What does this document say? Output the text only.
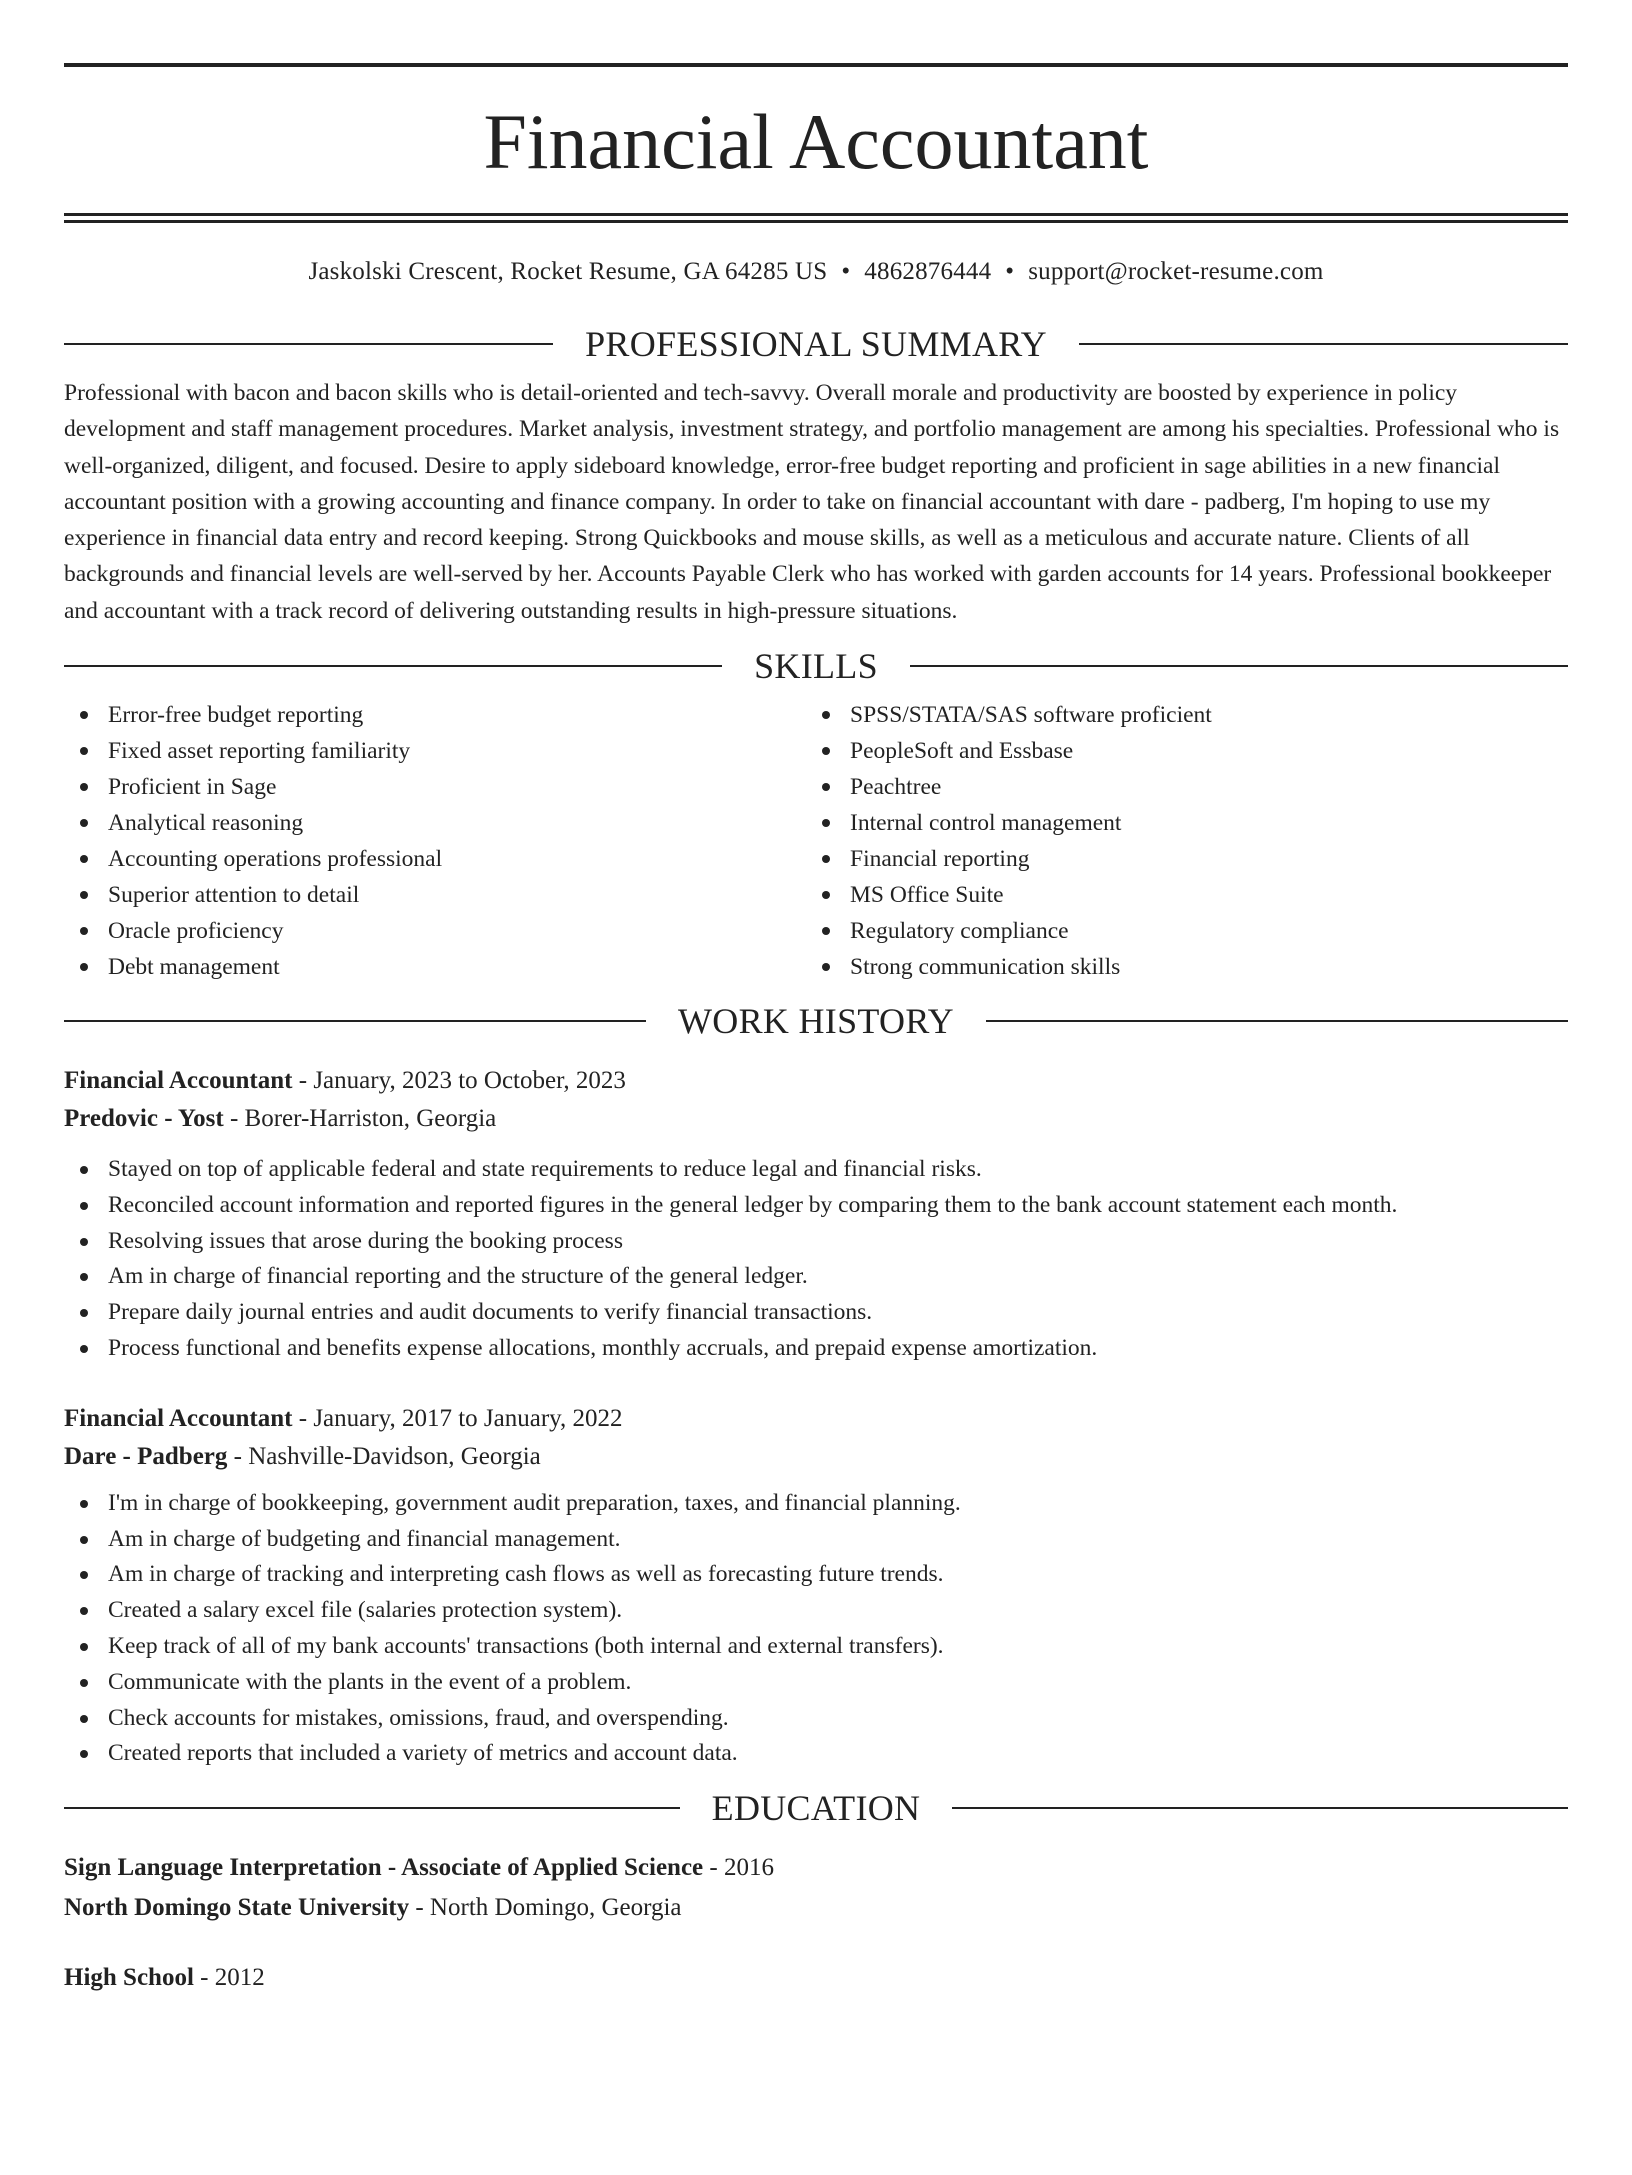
Financial Accountant
Jaskolski Crescent, Rocket Resume, GA 64285 US • 4862876444 • support@rocket-resume.com
PROFESSIONAL SUMMARY
Professional with bacon and bacon skills who is detail-oriented and tech-savvy. Overall morale and productivity are boosted by experience in policy development and staff management procedures. Market analysis, investment strategy, and portfolio management are among his specialties. Professional who is well-organized, diligent, and focused. Desire to apply sideboard knowledge, error-free budget reporting and proficient in sage abilities in a new financial accountant position with a growing accounting and finance company. In order to take on financial accountant with dare - padberg, I'm hoping to use my experience in financial data entry and record keeping. Strong Quickbooks and mouse skills, as well as a meticulous and accurate nature. Clients of all backgrounds and financial levels are well-served by her. Accounts Payable Clerk who has worked with garden accounts for 14 years. Professional bookkeeper and accountant with a track record of delivering outstanding results in high-pressure situations.
SKILLS
Error-free budget reporting
Fixed asset reporting familiarity
Proficient in Sage
Analytical reasoning
Accounting operations professional
Superior attention to detail
Oracle proficiency
Debt management
SPSS/STATA/SAS software proficient
PeopleSoft and Essbase
Peachtree
Internal control management
Financial reporting
MS Office Suite
Regulatory compliance
Strong communication skills
WORK HISTORY
Financial Accountant - January, 2023 to October, 2023
Predovic - Yost - Borer-Harriston, Georgia
Stayed on top of applicable federal and state requirements to reduce legal and financial risks.
Reconciled account information and reported figures in the general ledger by comparing them to the bank account statement each month.
Resolving issues that arose during the booking process
Am in charge of financial reporting and the structure of the general ledger.
Prepare daily journal entries and audit documents to verify financial transactions.
Process functional and benefits expense allocations, monthly accruals, and prepaid expense amortization.
Financial Accountant - January, 2017 to January, 2022
Dare - Padberg - Nashville-Davidson, Georgia
I'm in charge of bookkeeping, government audit preparation, taxes, and financial planning.
Am in charge of budgeting and financial management.
Am in charge of tracking and interpreting cash flows as well as forecasting future trends.
Created a salary excel file (salaries protection system).
Keep track of all of my bank accounts' transactions (both internal and external transfers).
Communicate with the plants in the event of a problem.
Check accounts for mistakes, omissions, fraud, and overspending.
Created reports that included a variety of metrics and account data.
EDUCATION
Sign Language Interpretation - Associate of Applied Science - 2016
North Domingo State University - North Domingo, Georgia
High School - 2012
